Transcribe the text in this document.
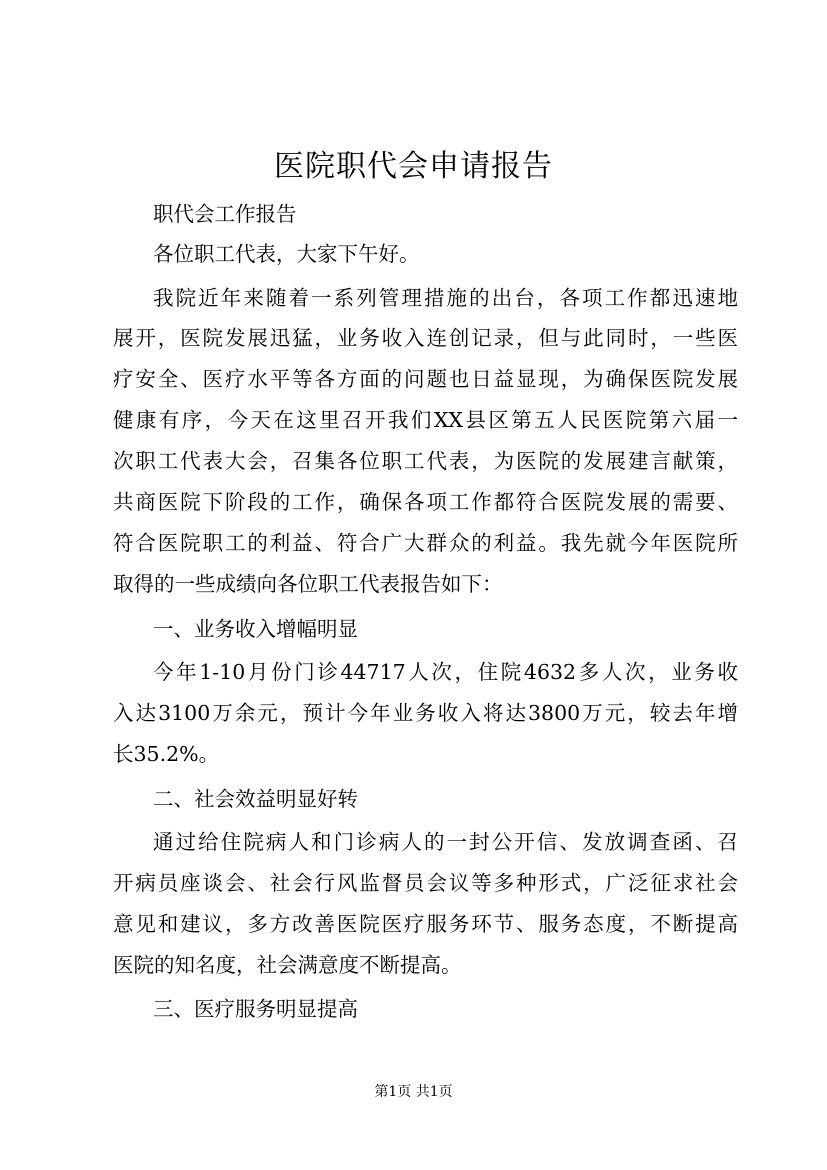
医院职代会申请报告
职代会工作报告
各位职工代表，大家下午好。
我院近年来随着一系列管理措施的出台，各项工作都迅速地
展开，医院发展迅猛，业务收入连创记录，但与此同时，一些医
疗安全、医疗水平等各方面的问题也日益显现，为确保医院发展
健康有序，今天在这里召开我们XX县区第五人民医院第六届一
次职工代表大会，召集各位职工代表，为医院的发展建言献策，
共商医院下阶段的工作，确保各项工作都符合医院发展的需要、
符合医院职工的利益、符合广大群众的利益。我先就今年医院所
取得的一些成绩向各位职工代表报告如下：
一、业务收入增幅明显
今年1-10月份门诊44717人次，住院4632多人次，业务收
入达3100万余元，预计今年业务收入将达3800万元，较去年增
长35.2%。
二、社会效益明显好转
通过给住院病人和门诊病人的一封公开信、发放调查函、召
开病员座谈会、社会行风监督员会议等多种形式，广泛征求社会
意见和建议，多方改善医院医疗服务环节、服务态度，不断提高
医院的知名度，社会满意度不断提高。
三、医疗服务明显提高
第1页 共1页
